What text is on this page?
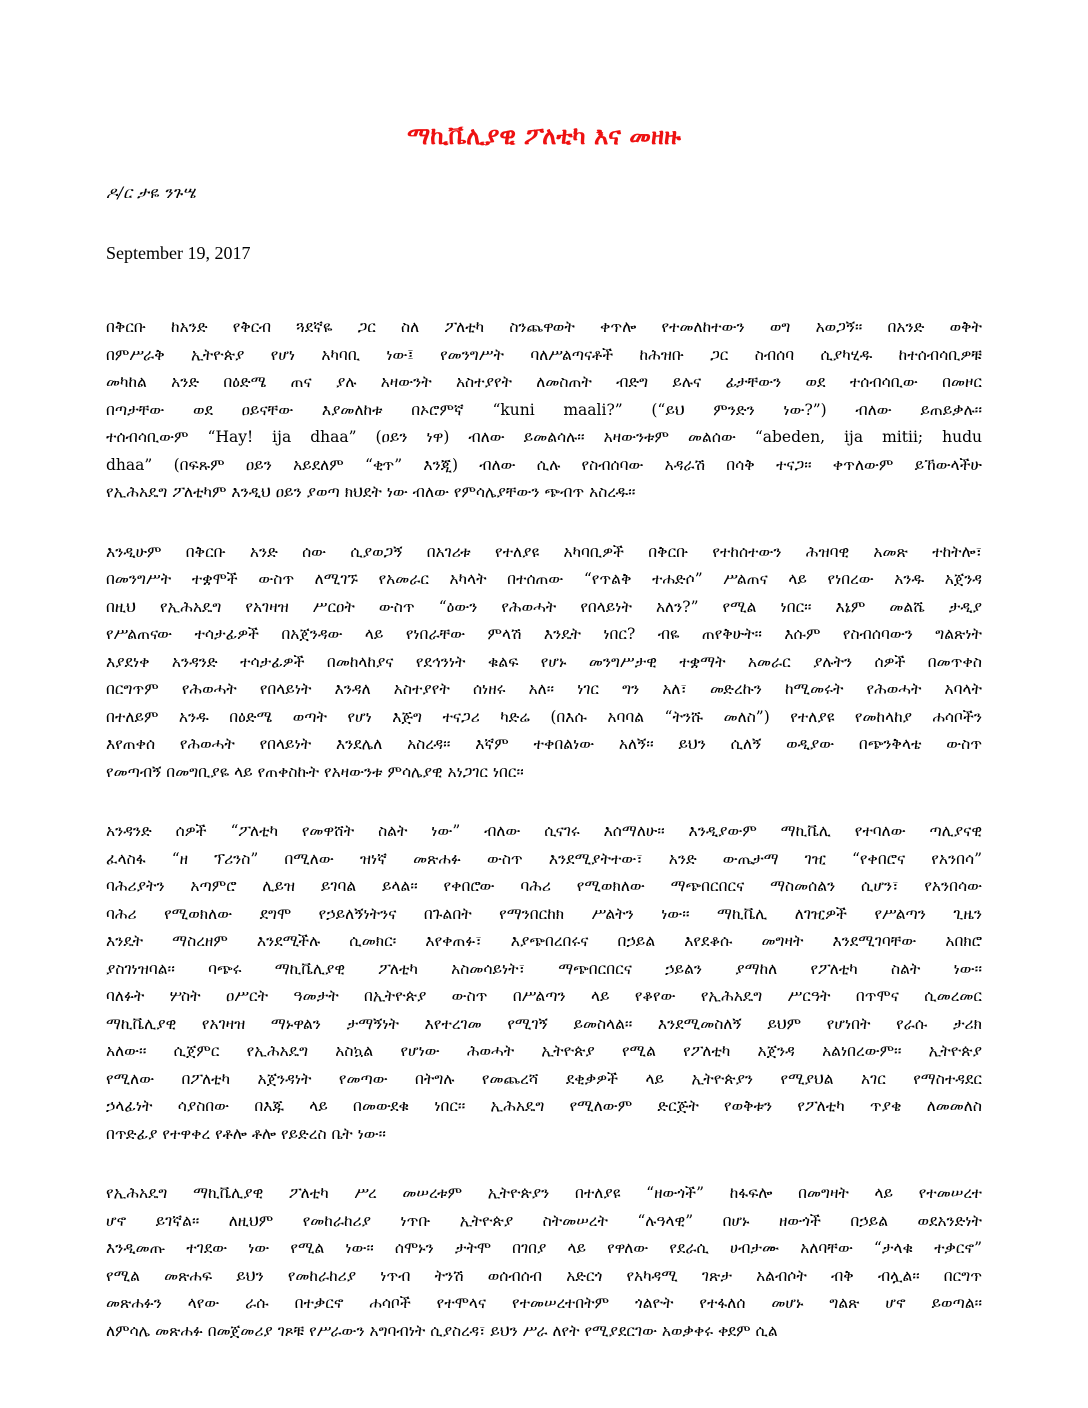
ማኪቬሊያዊ ፖለቲካ እና መዘዙ
ዶ/ር ታዬ ንጉሤ
September 19, 2017
በቅርቡ ከአንድ የቅርብ ጓደኛዬ ጋር ስለ ፖለቲካ ስንጨዋወት ቀጥሎ የተመለከተውን ወግ አወጋኝ፡፡ በአንድ ወቅት
በምሥራቅ ኢትዮጵያ የሆነ አካባቢ ነው፤ የመንግሥት ባለሥልጣናቶች ከሕዝቡ ጋር ስብሰባ ሲያካሂዱ ከተሰብሳቢዎቹ
መካከል አንድ በዕድሜ ጠና ያሉ አዛውንት አስተያየት ለመስጠት ብድግ ይሉና ፊታቸውን ወደ ተሰብሳቢው በመዞር
በጣታቸው ወደ ዐይናቸው እያመለከቱ በኦሮምኛ “kuni maali?” (“ይህ ምንድን ነው?”) ብለው ይጠይቃሉ፡፡
ተሰብሳቢውም “Hay! ija dhaa” (ዐይን ነዋ) ብለው ይመልሳሉ፡፡ አዛውንቱም መልሰው “abeden, ija mitii; hudu
dhaa” (በፍጹም ዐይን አይደለም “ቂጥ” እንጂ) ብለው ሲሉ የስብሰባው አዳራሽ በሳቅ ተናጋ፡፡ ቀጥለውም ይኸውላችሁ
የኢሕአዴግ ፖለቲካም እንዲህ ዐይን ያወጣ ክህደት ነው ብለው የምሳሌያቸውን ጭብጥ አስረዱ፡፡
እንዲሁም በቅርቡ አንድ ሰው ሲያወጋኝ በአገሪቱ የተለያዩ አካባቢዎች በቅርቡ የተከሰተውን ሕዝባዊ አመጽ ተከትሎ፣
በመንግሥት ተቋሞች ውስጥ ለሚገኙ የአመራር አካላት በተሰጠው “የጥልቅ ተሐድሶ” ሥልጠና ላይ የነበረው አንዱ አጀንዳ
በዚህ የኢሕአዴግ የአገዛዝ ሥርዐት ውስጥ “ዕውን የሕወሓት የበላይነት አለን?” የሚል ነበር፡፡ እኔም መልሼ ታዲያ
የሥልጠናው ተሳታፊዎች በአጀንዳው ላይ የነበራቸው ምላሽ እንዴት ነበር? ብዬ ጠየቅሁት፡፡ እሱም የስብሰባውን ግልጽነት
እያደነቀ አንዳንድ ተሳታፊዎች በመከላከያና የደኅንነት ቁልፍ የሆኑ መንግሥታዊ ተቋማት አመራር ያሉትን ሰዎች በመጥቀስ
በርግጥም የሕወሓት የበላይነት እንዳለ አስተያየት ሰነዘሩ አለ፡፡ ነገር ግን አለ፣ መድረኩን ከሚመሩት የሕወሓት አባላት
በተለይም አንዱ በዕድሜ ወጣት የሆነ እጅግ ተናጋሪ ካድሬ (በእሱ አባባል “ትንሹ መለስ”) የተለያዩ የመከላከያ ሐሳቦችን
እየጠቀሰ የሕወሓት የበላይነት እንደሌለ አስረዳ፡፡ እኛም ተቀበልነው አለኝ፡፡ ይህን ሲለኝ ወዲያው በጭንቅላቴ ውስጥ
የመጣብኝ በመግቢያዬ ላይ የጠቀስኩት የአዛውንቱ ምሳሌያዊ አነጋገር ነበር፡፡
አንዳንድ ሰዎች “ፖለቲካ የመዋሸት ስልት ነው” ብለው ሲናገሩ እሰማለሁ፡፡ እንዲያውም ማኪቬሊ የተባለው ጣሊያናዊ
ፈላስፋ “ዘ ፕሪንስ” በሚለው ዝነኛ መጽሐፉ ውስጥ እንደሚያትተው፣ አንድ ውጤታማ ገዢ “የቀበሮና የአንበሳ”
ባሕሪያትን አጣምሮ ሊይዝ ይገባል ይላል፡፡ የቀበሮው ባሕሪ የሚወክለው ማጭበርበርና ማስመሰልን ሲሆን፣ የአንበሳው
ባሕሪ የሚወክለው ደግሞ የኃይለኝነትንና በጉልበት የማንበርከክ ሥልትን ነው፡፡ ማኪቬሊ ለገዢዎች የሥልጣን ጊዜን
እንዴት ማስረዘም እንደሚችሉ ሲመክር፡ እየቀጠፉ፣ እያጭበረበሩና በኃይል እየደቆሱ መግዛት እንደሚገባቸው አበክሮ
ያስገነዝባል፡፡ ባጭሩ ማኪቬሊያዊ ፖለቲካ አስመሳይነት፣ ማጭበርበርና ኃይልን ያማከለ የፖለቲካ ስልት ነው፡፡
ባለፉት ሦስት ዐሥርት ዓመታት በኢትዮጵያ ውስጥ በሥልጣን ላይ የቆየው የኢሕአዴግ ሥርዓት በጥሞና ሲመረመር
ማኪቬሊያዊ የአገዛዝ ማኑዋልን ታማኝነት እየተረገመ የሚገኝ ይመስላል፡፡ እንደሚመስለኝ ይህም የሆነበት የራሱ ታሪክ
አለው፡፡ ሲጀምር የኢሕአዴግ አስኳል የሆነው ሕወሓት ኢትዮጵያ የሚል የፖለቲካ አጀንዳ አልነበረውም፡፡ ኢትዮጵያ
የሚለው በፖለቲካ አጀንዳነት የመጣው በትግሉ የመጨረሻ ደቂቃዎች ላይ ኢትዮጵያን የሚያህል አገር የማስተዳደር
ኃላፊነት ሳያስበው በእጁ ላይ በመውደቁ ነበር፡፡ ኢሕአዴግ የሚለውም ድርጅት የወቅቱን የፖለቲካ ጥያቄ ለመመለስ
በጥድፊያ የተዋቀረ የቶሎ ቶሎ የይድረስ ቤት ነው፡፡
የኢሕአዴግ ማኪቬሊያዊ ፖለቲካ ሥረ መሠረቱም ኢትዮጵያን በተለያዩ “ዘውጎች” ከፋፍሎ በመግዛት ላይ የተመሠረተ
ሆኖ ይገኛል፡፡ ለዚህም የመከራከሪያ ነጥቡ ኢትዮጵያ ስትመሠረት “ሉዓላዊ” በሆኑ ዘውጎች በኃይል ወደአንድነት
እንዲመጡ ተገደው ነው የሚል ነው፡፡ ሰሞኑን ታትሞ በገበያ ላይ የዋለው የደራሲ ሀብታሙ አለባቸው “ታላቁ ተቃርኖ”
የሚል መጽሐፍ ይህን የመከራከሪያ ነጥብ ትንሽ ወሰብሰብ አድርጎ የአካዳሚ ገጽታ አልብሶት ብቅ ብሏል፡፡ በርግጥ
መጽሐፉን ላየው ራሱ በተቃርኖ ሐሳቦች የተሞላና የተመሠረተበትም ጎልዮት የተፋለሰ መሆኑ ግልጽ ሆኖ ይወጣል፡፡
ለምሳሌ መጽሐፉ በመጀመሪያ ገጾቹ የሥራውን አግባብነት ሲያስረዳ፣ ይህን ሥራ ለየት የሚያደርገው አወቃቀሩ ቀደም ሲል
